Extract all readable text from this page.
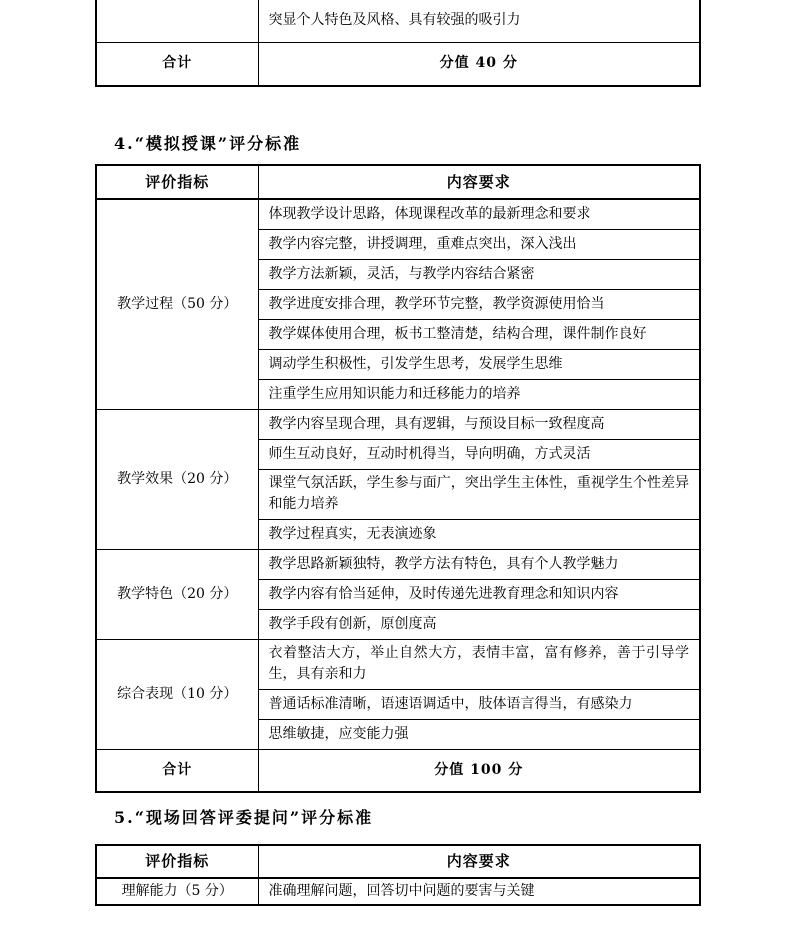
	突显个人特色及风格、具有较强的吸引力
合计	分值 40 分
4.“模拟授课”评分标准
评价指标	内容要求
教学过程（50 分）	体现教学设计思路，体现课程改革的最新理念和要求
	教学内容完整，讲授调理，重难点突出，深入浅出
	教学方法新颖，灵活，与教学内容结合紧密
	教学进度安排合理，教学环节完整，教学资源使用恰当
	教学媒体使用合理，板书工整清楚，结构合理，课件制作良好
	调动学生积极性，引发学生思考，发展学生思维
	注重学生应用知识能力和迁移能力的培养
教学效果（20 分）	教学内容呈现合理，具有逻辑，与预设目标一致程度高
	师生互动良好，互动时机得当，导向明确，方式灵活
	课堂气氛活跃，学生参与面广，突出学生主体性，重视学生个性差异和能力培养
	教学过程真实，无表演迹象
教学特色（20 分）	教学思路新颖独特，教学方法有特色，具有个人教学魅力
	教学内容有恰当延伸，及时传递先进教育理念和知识内容
	教学手段有创新，原创度高
综合表现（10 分）	衣着整洁大方，举止自然大方，表情丰富，富有修养，善于引导学生，具有亲和力
	普通话标准清晰，语速语调适中，肢体语言得当，有感染力
	思维敏捷，应变能力强
合计	分值 100 分
5.“现场回答评委提问”评分标准
评价指标	内容要求
理解能力（5 分）	准确理解问题，回答切中问题的要害与关键
